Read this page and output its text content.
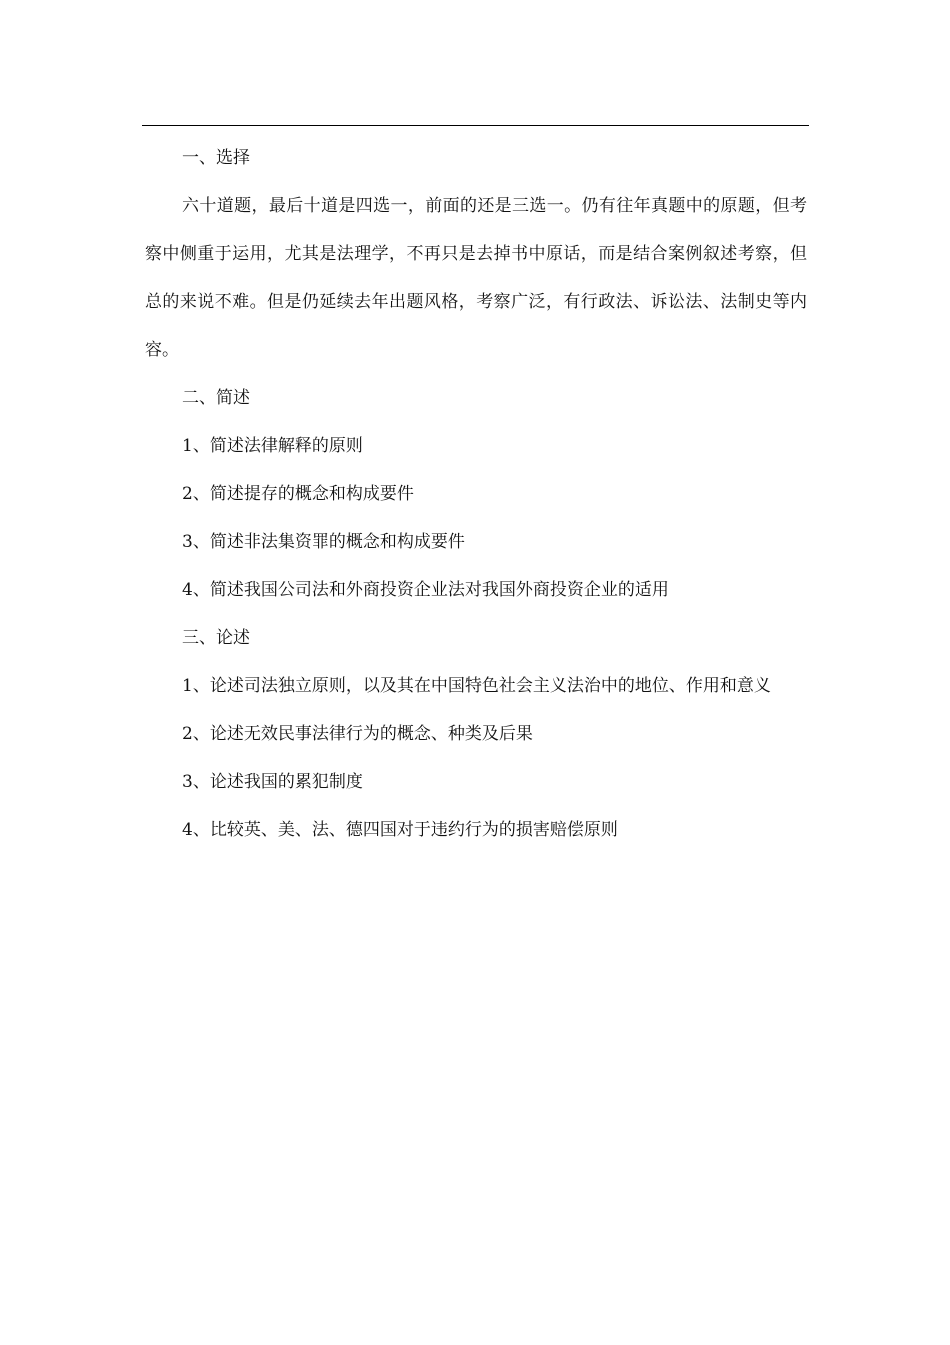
一、选择

六十道题，最后十道是四选一，前面的还是三选一。仍有往年真题中的原题，但考察中侧重于运用，尤其是法理学，不再只是去掉书中原话，而是结合案例叙述考察，但总的来说不难。但是仍延续去年出题风格，考察广泛，有行政法、诉讼法、法制史等内容。

二、简述

1、简述法律解释的原则

2、简述提存的概念和构成要件

3、简述非法集资罪的概念和构成要件

4、简述我国公司法和外商投资企业法对我国外商投资企业的适用

三、论述

1、论述司法独立原则，以及其在中国特色社会主义法治中的地位、作用和意义

2、论述无效民事法律行为的概念、种类及后果

3、论述我国的累犯制度

4、比较英、美、法、德四国对于违约行为的损害赔偿原则
